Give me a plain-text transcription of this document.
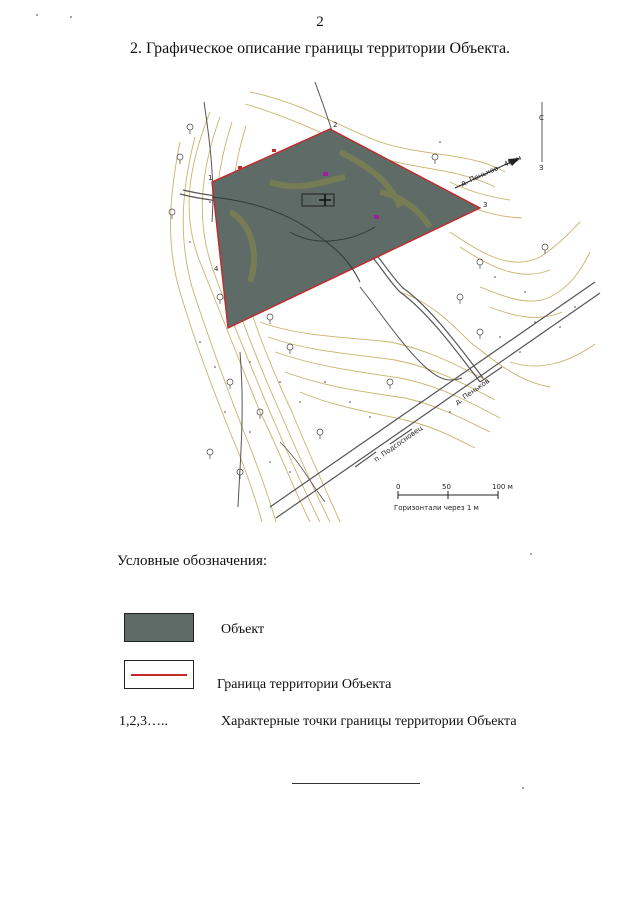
2
2. Графическое описание границы территории Объекта.
1
2
3
4
С
З
д. Пеньков - 48км
д. Пеньков
п. Подсосновец
0	50	100 м
Горизонтали через 1 м
Условные обозначения:
Объект
Граница территории Объекта
1,2,3…..	Характерные точки границы территории Объекта
